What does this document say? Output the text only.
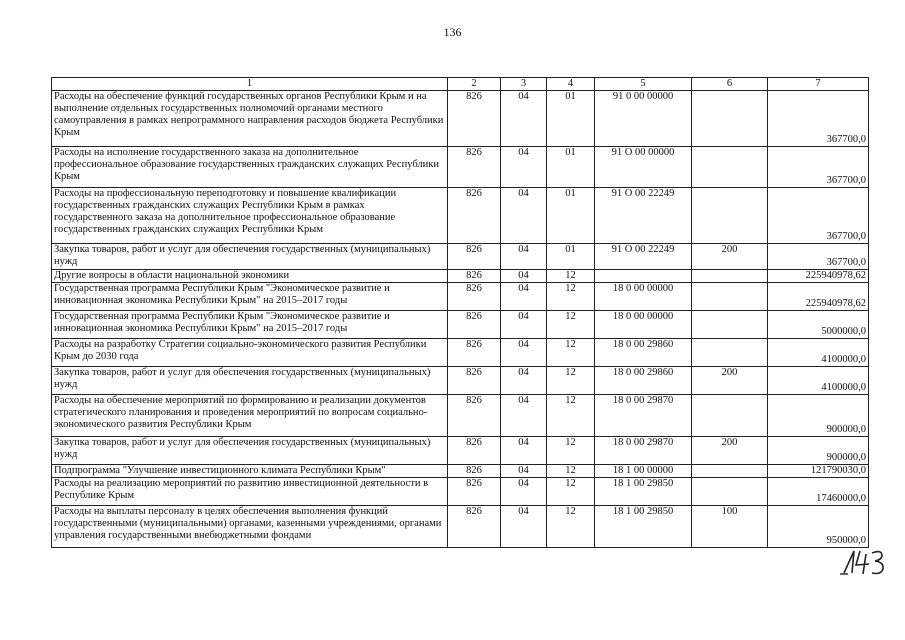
136
1	2	3	4	5	6	7
Расходы на обеспечение функций государственных органов Республики Крым и на выполнение отдельных государственных полномочий органами местного самоуправления в рамках непрограммного направления расходов бюджета Республики Крым	826	04	01	91 0 00 00000		367700,0
Расходы на исполнение государственного заказа на дополнительное профессиональное образование государственных гражданских служащих Республики Крым	826	04	01	91 О 00 00000		367700,0
Расходы на профессиональную переподготовку и повышение квалификации государственных гражданских служащих Республики Крым в рамках государственного заказа на дополнительное профессиональное образование государственных гражданских служащих Республики Крым	826	04	01	91 О 00 22249		367700,0
Закупка товаров, работ и услуг для обеспечения государственных (муниципальных) нужд	826	04	01	91 О 00 22249	200	367700,0
Другие вопросы в области национальной экономики	826	04	12			225940978,62
Государственная программа Республики Крым "Экономическое развитие и инновационная экономика Республики Крым" на 2015–2017 годы	826	04	12	18 0 00 00000		225940978,62
Государственная программа Республики Крым "Экономическое развитие и инновационная экономика Республики Крым" на 2015–2017 годы	826	04	12	18 0 00 00000		5000000,0
Расходы на разработку Стратегии социально-экономического развития Республики Крым до 2030 года	826	04	12	18 0 00 29860		4100000,0
Закупка товаров, работ и услуг для обеспечения государственных (муниципальных) нужд	826	04	12	18 0 00 29860	200	4100000,0
Расходы на обеспечение мероприятий по формированию и реализации документов стратегического планирования и проведения мероприятий по вопросам социально-экономического развития Республики Крым	826	04	12	18 0 00 29870		900000,0
Закупка товаров, работ и услуг для обеспечения государственных (муниципальных) нужд	826	04	12	18 0 00 29870	200	900000,0
Подпрограмма "Улучшение инвестиционного климата Республики Крым"	826	04	12	18 1 00 00000		121790030,0
Расходы на реализацию мероприятий по развитию инвестиционной деятельности в Республике Крым	826	04	12	18 1 00 29850		17460000,0
Расходы на выплаты персоналу в целях обеспечения выполнения функций государственными (муниципальными) органами, казенными учреждениями, органами управления государственными внебюджетными фондами	826	04	12	18 1 00 29850	100	950000,0
